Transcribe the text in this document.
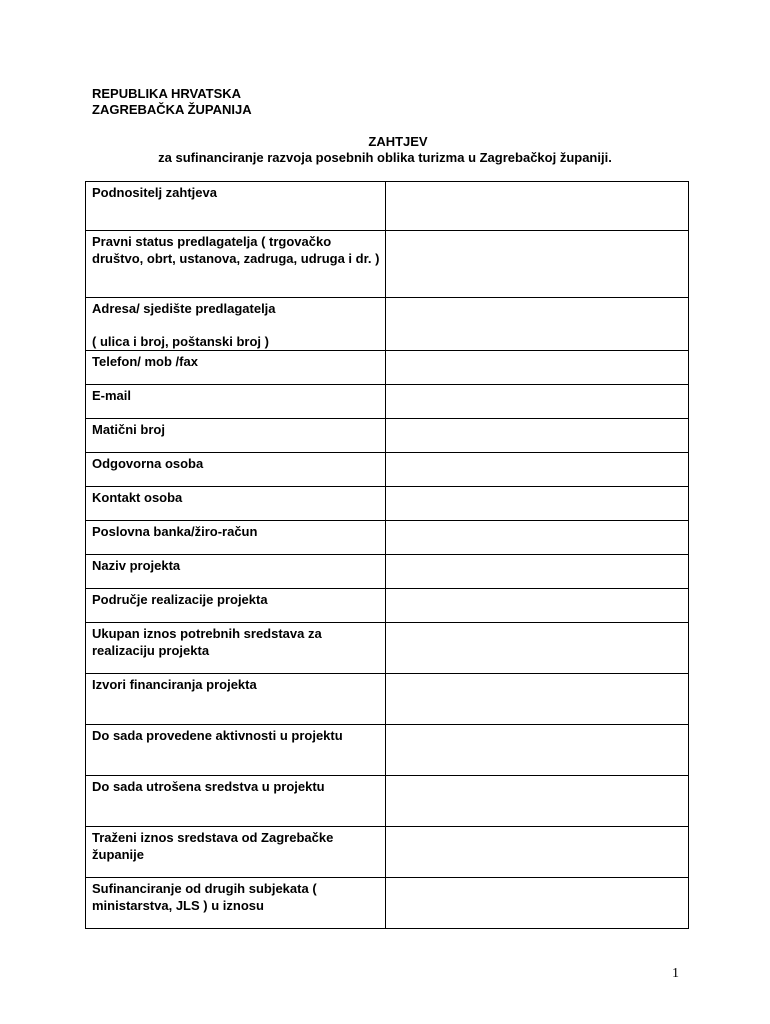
REPUBLIKA HRVATSKA
ZAGREBAČKA ŽUPANIJA
ZAHTJEV
za sufinanciranje razvoja posebnih oblika turizma u Zagrebačkoj županiji.
Podnositelj zahtjeva	
Pravni status predlagatelja ( trgovačko društvo, obrt, ustanova, zadruga, udruga i dr. )	
Adresa/ sjedište predlagatelja
( ulica i broj, poštanski broj )	

Telefon/ mob /fax	
E-mail	
Matični broj	
Odgovorna osoba	
Kontakt osoba	
Poslovna banka/žiro-račun	
Naziv projekta	
Područje realizacije projekta	
Ukupan iznos potrebnih sredstava za realizaciju projekta	
Izvori financiranja projekta	
Do sada provedene aktivnosti u projektu	
Do sada utrošena sredstva u projektu	
Traženi iznos sredstava od Zagrebačke županije	
Sufinanciranje od drugih subjekata ( ministarstva, JLS ) u iznosu	
1
